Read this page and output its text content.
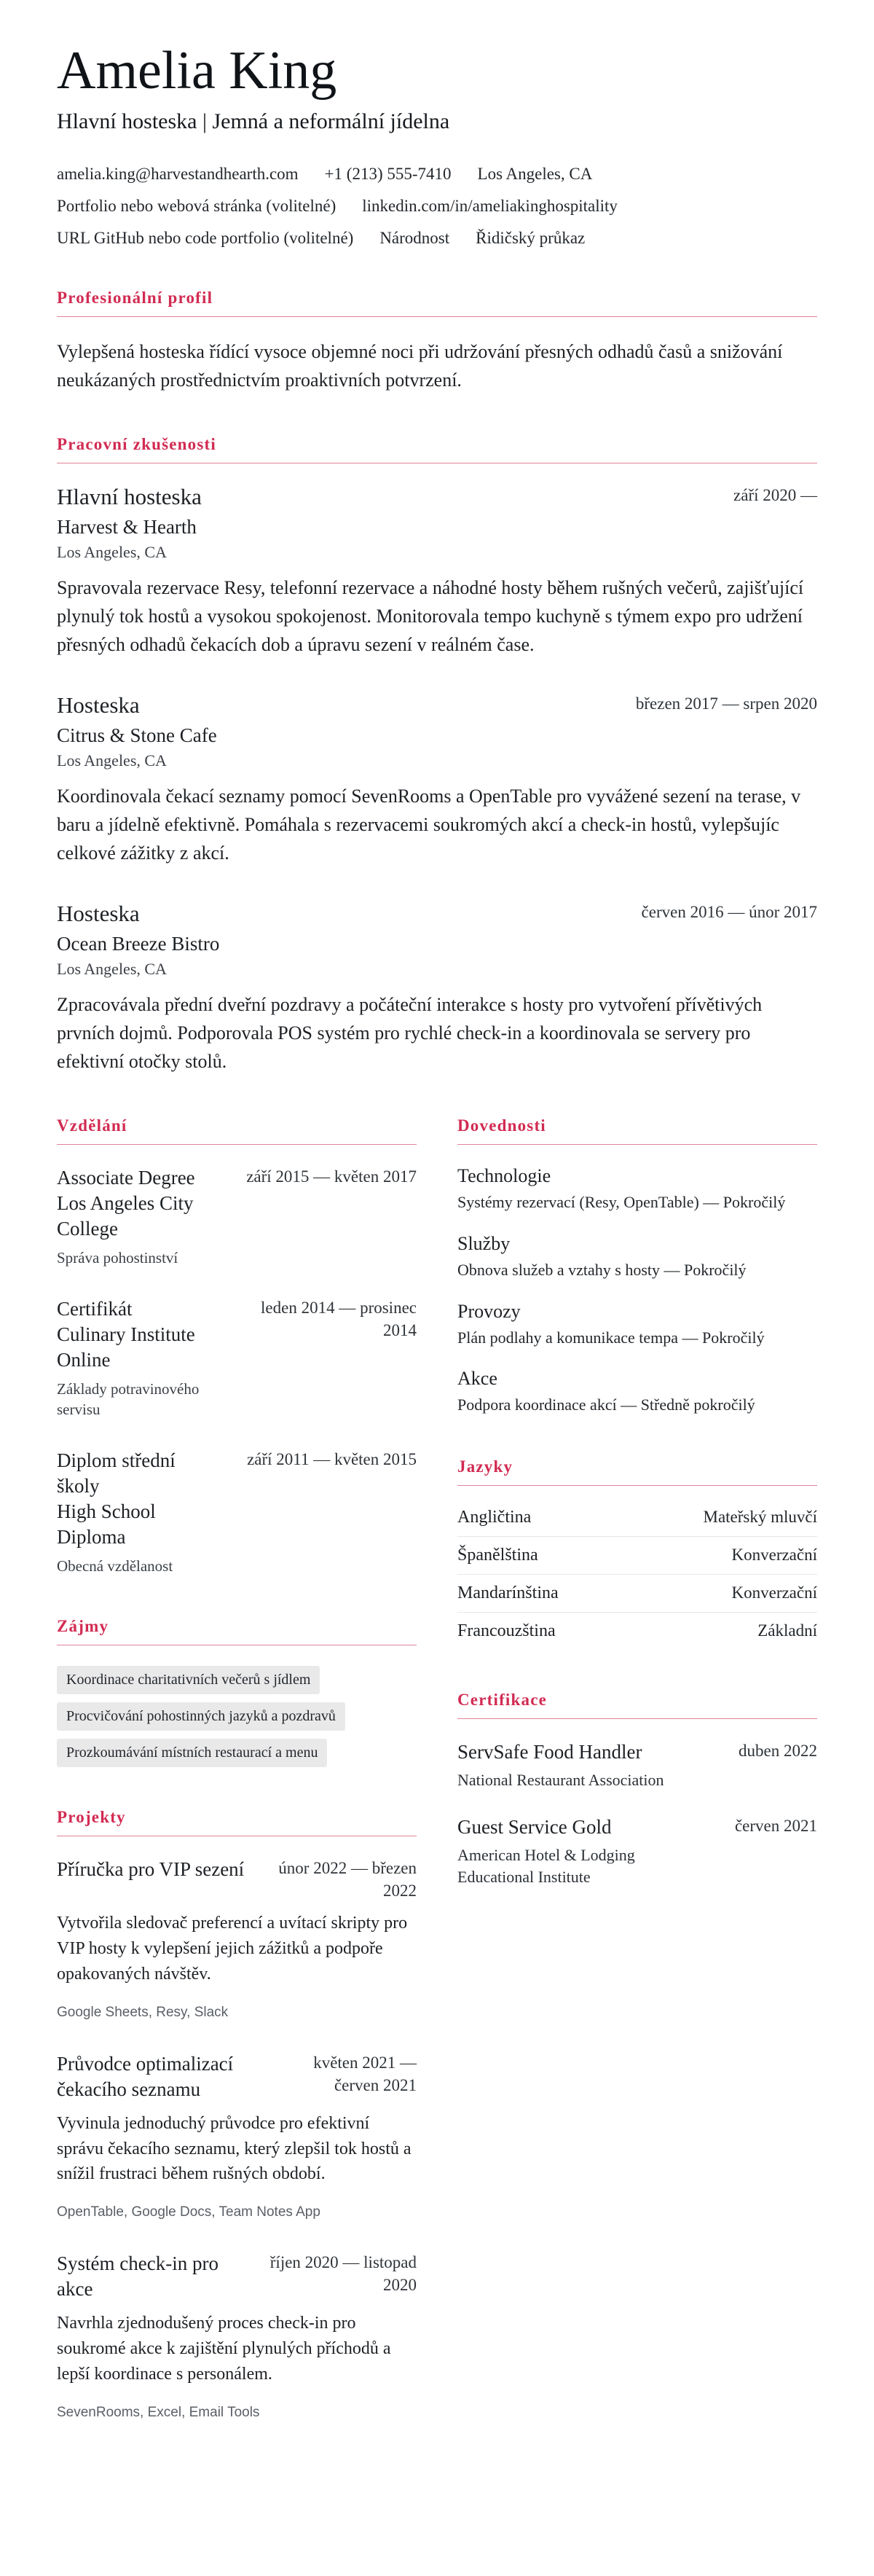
Amelia King
Hlavní hosteska | Jemná a neformální jídelna
amelia.king@harvestandhearth.com +1 (213) 555-7410 Los Angeles, CA
Portfolio nebo webová stránka (volitelné) linkedin.com/in/ameliakinghospitality
URL GitHub nebo code portfolio (volitelné) Národnost Řidičský průkaz
Profesionální profil

Vylepšená hosteska řídící vysoce objemné noci při udržování přesných odhadů časů a snižování neukázaných prostřednictvím proaktivních potvrzení.

Pracovní zkušenosti
Hlavní hosteska	září 2020 —
Harvest & Hearth
Los Angeles, CA

Spravovala rezervace Resy, telefonní rezervace a náhodné hosty během rušných večerů, zajišťující plynulý tok hostů a vysokou spokojenost. Monitorovala tempo kuchyně s týmem expo pro udržení přesných odhadů čekacích dob a úpravu sezení v reálném čase.

Hosteska	březen 2017 — srpen 2020
Citrus & Stone Cafe
Los Angeles, CA

Koordinovala čekací seznamy pomocí SevenRooms a OpenTable pro vyvážené sezení na terase, v baru a jídelně efektivně. Pomáhala s rezervacemi soukromých akcí a check-in hostů, vylepšujíc celkové zážitky z akcí.

Hosteska	červen 2016 — únor 2017
Ocean Breeze Bistro
Los Angeles, CA

Zpracovávala přední dveřní pozdravy a počáteční interakce s hosty pro vytvoření přívětivých prvních dojmů. Podporovala POS systém pro rychlé check-in a koordinovala se servery pro efektivní otočky stolů.

Vzdělání
Associate Degree
Los Angeles City College
Správa pohostinství
září 2015 — květen 2017
Certifikát
Culinary Institute Online
Základy potravinového servisu
leden 2014 — prosinec 2014
Diplom střední školy
High School Diploma
Obecná vzdělanost
září 2011 — květen 2015
Zájmy
Koordinace charitativních večerů s jídlem
Procvičování pohostinných jazyků a pozdravů
Prozkoumávání místních restaurací a menu
Projekty
Příručka pro VIP sezení	únor 2022 — březen 2022

Vytvořila sledovač preferencí a uvítací skripty pro VIP hosty k vylepšení jejich zážitků a podpoře opakovaných návštěv.

Google Sheets, Resy, Slack
Průvodce optimalizací čekacího seznamu
květen 2021 — červen 2021

Vyvinula jednoduchý průvodce pro efektivní správu čekacího seznamu, který zlepšil tok hostů a snížil frustraci během rušných období.

OpenTable, Google Docs, Team Notes App
Systém check-in pro akce
říjen 2020 — listopad 2020

Navrhla zjednodušený proces check-in pro soukromé akce k zajištění plynulých příchodů a lepší koordinace s personálem.

SevenRooms, Excel, Email Tools
Dovednosti
Technologie
Systémy rezervací (Resy, OpenTable) — Pokročilý
Služby
Obnova služeb a vztahy s hosty — Pokročilý
Provozy
Plán podlahy a komunikace tempa — Pokročilý
Akce
Podpora koordinace akcí — Středně pokročilý
Jazyky
Angličtina	Mateřský mluvčí
Španělština	Konverzační
Mandarínština	Konverzační
Francouzština	Základní
Certifikace
ServSafe Food Handler
National Restaurant Association
duben 2022
Guest Service Gold
American Hotel & Lodging Educational Institute
červen 2021
